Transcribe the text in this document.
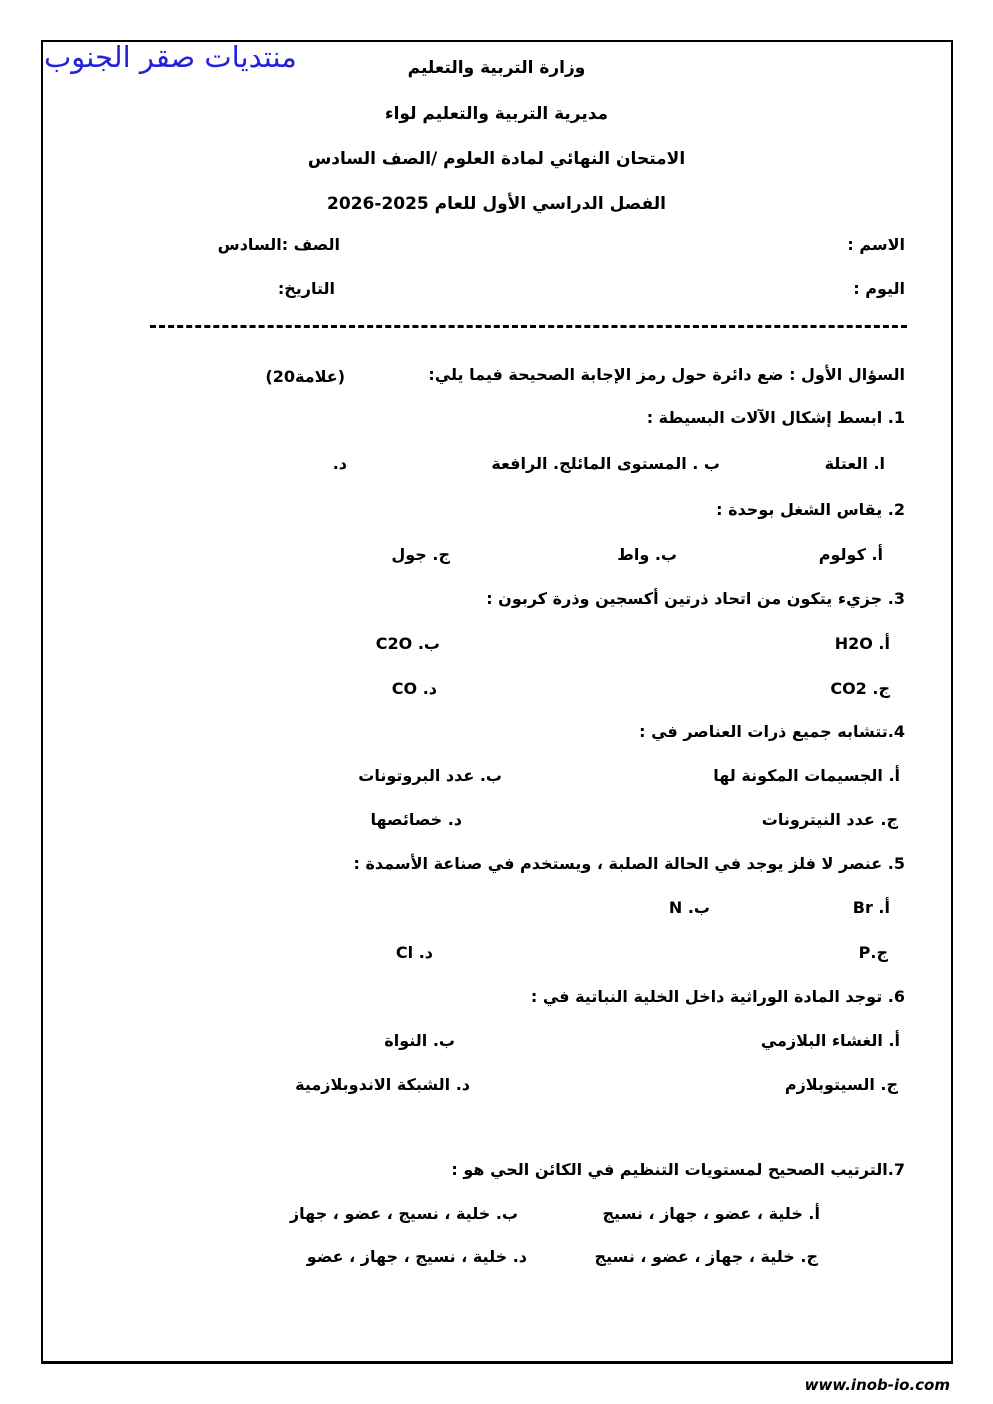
منتديات صقر الجنوب	وزارة التربية والتعليم
مديرية التربية والتعليم لواء
الامتحان النهائي لمادة العلوم /الصف السادس
الفصل الدراسي الأول للعام 2025-2026
الاسم :
الصف :السادس
اليوم :
التاريخ:
السؤال الأول : ضع دائرة حول رمز الإجابة الصحيحة فيما يلي:
(20علامة)
1. ابسط إشكال الآلات البسيطة :
ا. العتلة
ب . المستوى المائلج. الرافعة
د.
2. يقاس الشغل بوحدة :
أ. كولوم
ب. واط
ج. جول
3. جزيء يتكون من اتحاد ذرتين أكسجين وذرة كربون :
أ. H2O
ب. C2O
ج. CO2
د. CO
4.تتشابه جميع ذرات العناصر في :
أ. الجسيمات المكونة لها
ب. عدد البروتونات
ج. عدد النيترونات
د. خصائصها
5. عنصر لا فلز يوجد في الحالة الصلبة ، ويستخدم في صناعة الأسمدة :
أ. Br
ب. N
ج.P
د. Cl
6. توجد المادة الوراثية داخل الخلية النباتية في :
أ. الغشاء البلازمي
ب. النواة
ج. السيتوبلازم
د. الشبكة الاندوبلازمية
7.الترتيب الصحيح لمستويات التنظيم في الكائن الحي هو :
أ. خلية ، عضو ، جهاز ، نسيج
ب. خلية ، نسيج ، عضو ، جهاز
ج. خلية ، جهاز ، عضو ، نسيج
د. خلية ، نسيج ، جهاز ، عضو
www.inob-io.com
